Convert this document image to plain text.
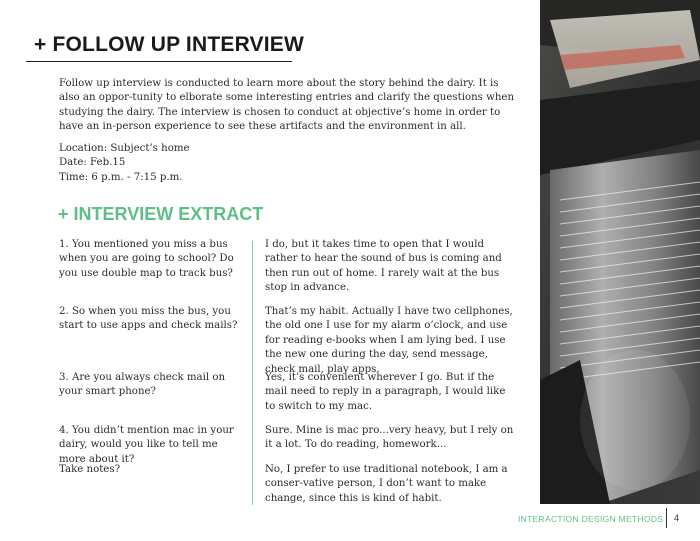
+ FOLLOW UP INTERVIEW
Follow up interview is conducted to learn more about the story behind the dairy. It is also an oppor-tunity to elborate some interesting entries and clarify the questions when studying the dairy. The interview is chosen to conduct at objective’s home in order to have an in-person experience to see these artifacts and the environment in all.
Location: Subject’s home
Date: Feb.15
Time: 6 p.m. - 7:15 p.m.
+ INTERVIEW EXTRACT
1. You mentioned you miss a bus when you are going to school? Do you use double map to track bus?
I do, but it takes time to open that I would rather to hear the sound of bus is coming and then run out of home. I rarely wait at the bus stop in advance.
2. So when you miss the bus, you start to use apps and check mails?
That’s my habit. Actually I have two cellphones, the old one I use for my alarm o’clock, and use for reading e-books when I am lying bed. I use the new one during the day, send message, check mail, play apps.
3. Are you always check mail on your smart phone?
Yes, it’s convenient wherever I go. But if the mail need to reply in a paragraph, I would like to switch to my mac.
4. You didn’t mention mac in your dairy, would you like to tell me more about it?
Sure. Mine is mac pro...very heavy, but I rely on it a lot. To do reading, homework...
Take notes?	No, I prefer to use traditional notebook, I am a conser-vative person, I don’t want to make change, since this is kind of habit.
INTERACTION DESIGN METHODS 4
